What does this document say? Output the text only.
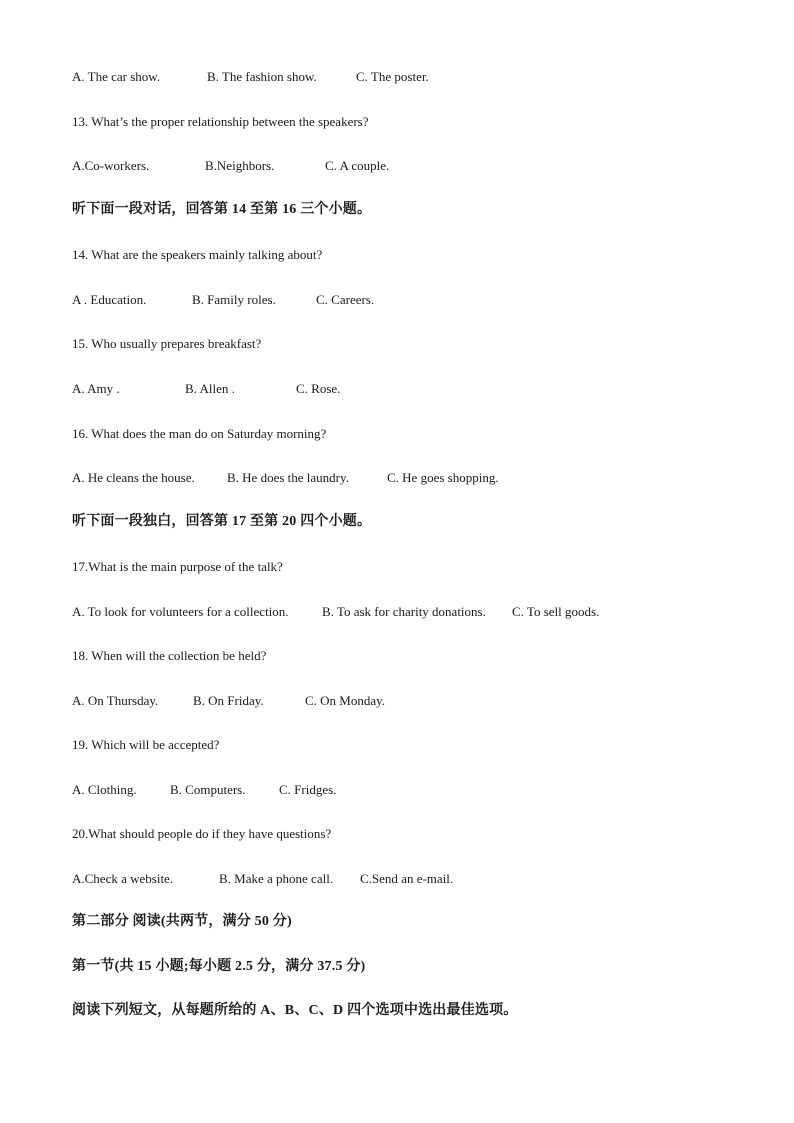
A. The car show.	B. The fashion show.	C. The poster.
13. What’s the proper relationship between the speakers?
A.Co-workers.	B.Neighbors.	C. A couple.
听下面一段对话，回答第 14 至第 16 三个小题。
14. What are the speakers mainly talking about?
A . Education.	B. Family roles.	C. Careers.
15. Who usually prepares breakfast?
A. Amy .	B. Allen .	C. Rose.
16. What does the man do on Saturday morning?
A. He cleans the house. B. He does the laundry.	C. He goes shopping.
听下面一段独白，回答第 17 至第 20 四个小题。
17.What is the main purpose of the talk?
A. To look for volunteers for a collection.	B. To ask for charity donations. C. To sell goods.
18. When will the collection be held?
A. On Thursday.	B. On Friday.	C. On Monday.
19. Which will be accepted?
A. Clothing.	B. Computers.	C. Fridges.
20.What should people do if they have questions?
A.Check a website.	B. Make a phone call. C.Send an e-mail.
第二部分 阅读(共两节，满分 50 分)
第一节(共 15 小题;每小题 2.5 分，满分 37.5 分)
阅读下列短文，从每题所给的 A、B、C、D 四个选项中选出最佳选项。
